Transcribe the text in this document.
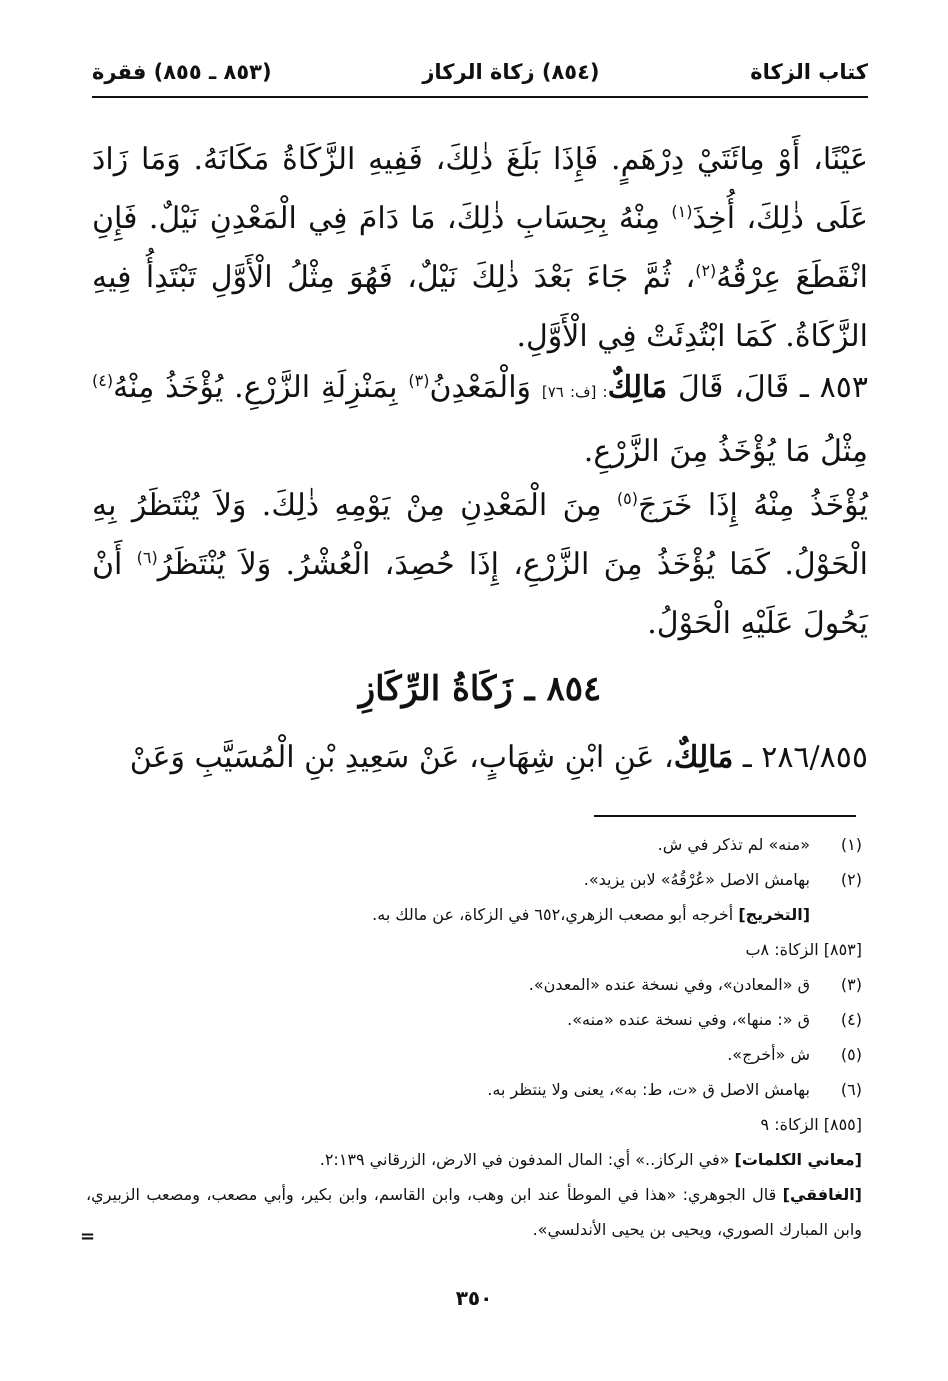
كتاب الزكاة
(٨٥٤) زكاة الركاز
(٨٥٣ ـ ٨٥٥) فقرة

عَيْنًا، أَوْ مِائَتَيْ دِرْهَمٍ. فَإِذَا بَلَغَ ذٰلِكَ، فَفِيهِ الزَّكَاةُ مَكَانَهُ. وَمَا زَادَ عَلَى ذٰلِكَ، أُخِذَ$^{(١)}$ مِنْهُ بِحِسَابِ ذٰلِكَ، مَا دَامَ فِي الْمَعْدِنِ نَيْلٌ. فَإِنِ انْقَطَعَ عِرْقُهُ$^{(٢)}$، ثُمَّ جَاءَ بَعْدَ ذٰلِكَ نَيْلٌ، فَهُوَ مِثْلُ الْأَوَّلِ تَبْتَدِأُ فِيهِ الزَّكَاةُ. كَمَا ابْتُدِئَتْ فِي الْأَوَّلِ.

٨٥٣ ـ قَالَ، قَالَ مَالِكٌ: [ف: ٧٦] وَالْمَعْدِنُ$^{(٣)}$ بِمَنْزِلَةِ الزَّرْعِ. يُؤْخَذُ مِنْهُ$^{(٤)}$ مِثْلُ مَا يُؤْخَذُ مِنَ الزَّرْعِ.

يُؤْخَذُ مِنْهُ إِذَا خَرَجَ$^{(٥)}$ مِنَ الْمَعْدِنِ مِنْ يَوْمِهِ ذٰلِكَ. وَلاَ يُنْتَظَرُ بِهِ الْحَوْلُ. كَمَا يُؤْخَذُ مِنَ الزَّرْعِ، إِذَا حُصِدَ، الْعُشْرُ. وَلاَ يُنْتَظَرُ$^{(٦)}$ أَنْ يَحُولَ عَلَيْهِ الْحَوْلُ.

٨٥٤ ـ زَكَاةُ الرِّكَازِ

٢٨٦/٨٥٥ ـ مَالِكٌ، عَنِ ابْنِ شِهَابٍ، عَنْ سَعِيدِ بْنِ الْمُسَيَّبِ وَعَنْ

(١)
«منه» لم تذكر في ش.
(٢)
بهامش الاصل «عُرْقُهُ» لابن يزيد».
[التخريج] أخرجه أبو مصعب الزهري،٦٥٢ في الزكاة، عن مالك به.
[٨٥٣] الزكاة: ٨ب
(٣)
ق «المعادن»، وفي نسخة عنده «المعدن».
(٤)
ق «: منها»، وفي نسخة عنده «منه».
(٥)
ش «أخرج».
(٦)
بهامش الاصل ق «ت، ط: به»، يعنى ولا ينتظر به.
[٨٥٥] الزكاة: ٩
[معاني الكلمات] «في الركاز..» أي: المال المدفون في الارض، الزرقاني ٢:١٣٩.
[الغافقي] قال الجوهري: «هذا في الموطأ عند ابن وهب، وابن القاسم، وابن بكير، وأبي مصعب، ومصعب الزبيري، وابن المبارك الصوري، ويحيى بن يحيى الأندلسي».
=
٣٥٠
